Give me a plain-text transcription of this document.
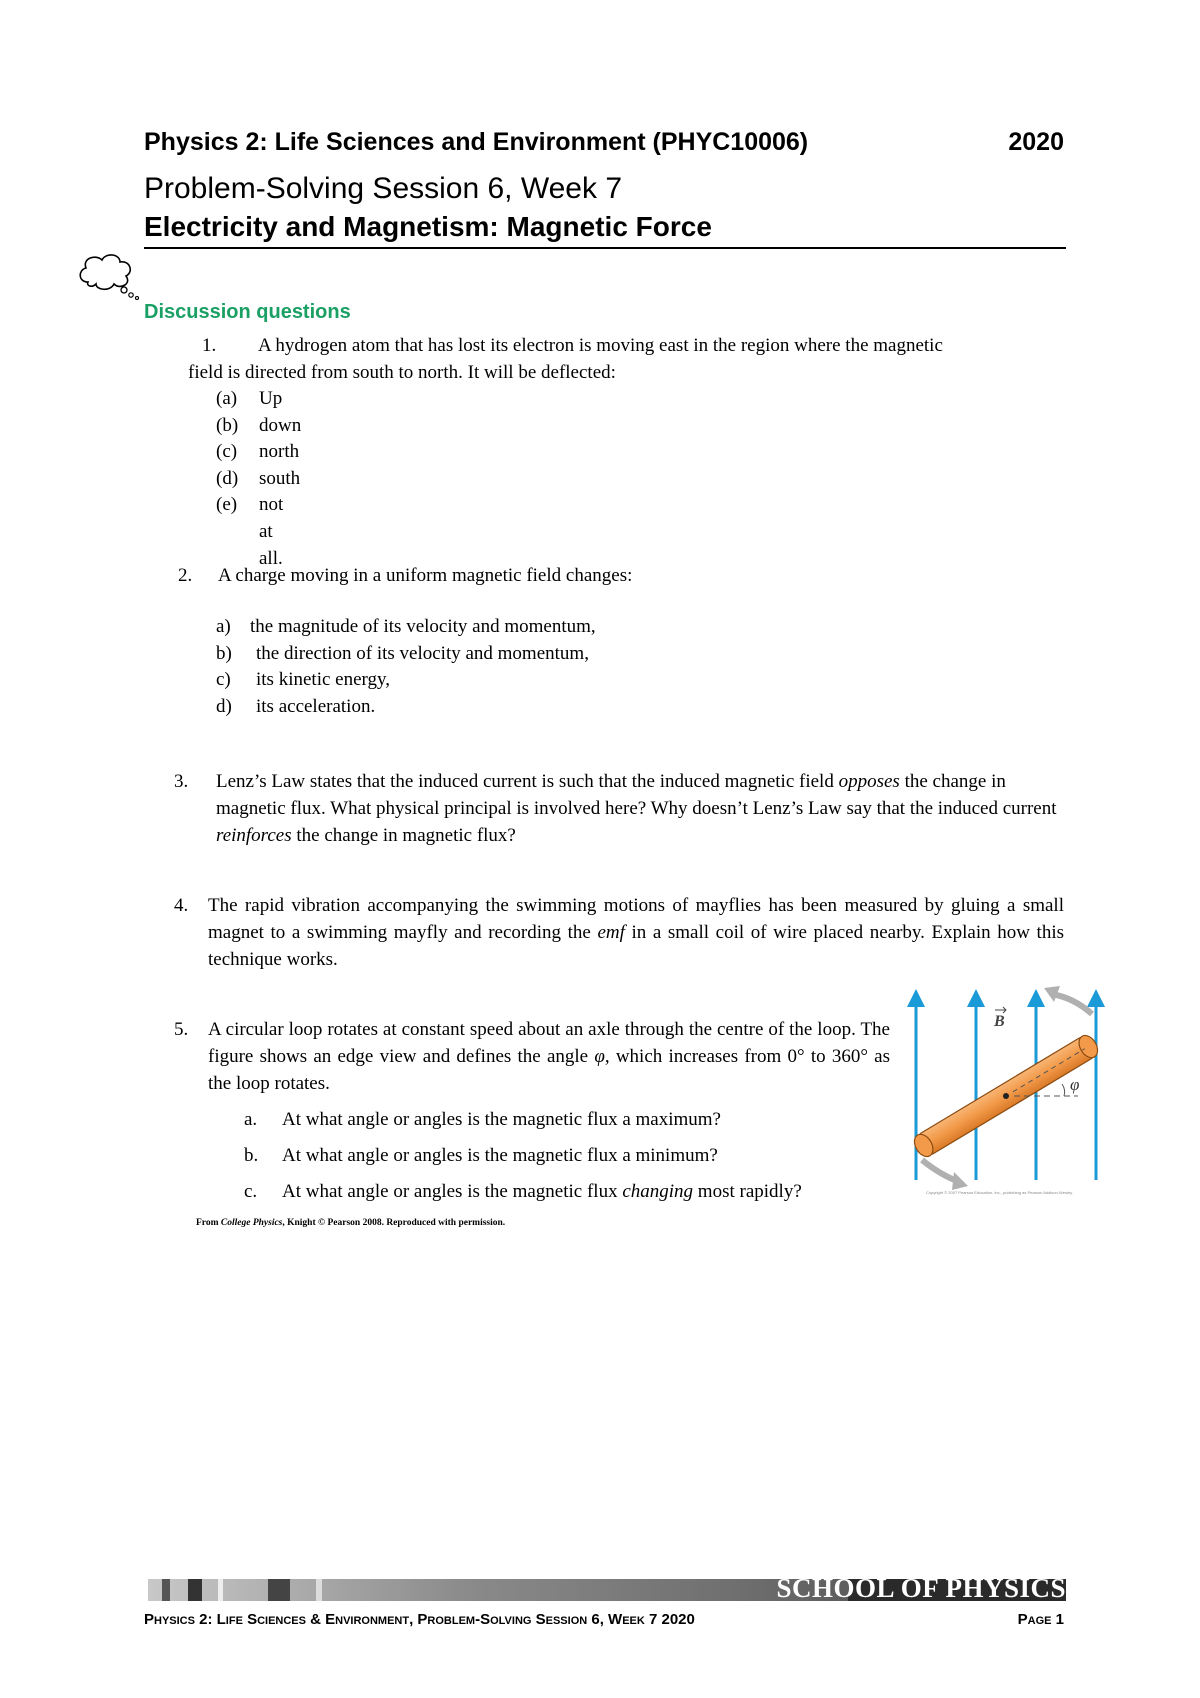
Physics 2: Life Sciences and Environment (PHYC10006)	2020
Problem-Solving Session 6, Week 7
Electricity and Magnetism: Magnetic Force
Discussion questions
1.	A hydrogen atom that has lost its electron is moving east in the region where the magnetic
field is directed from south to north. It will be deflected:
(a) Up
(b) down
(c) north
(d) south
(e) not at all.
2. A charge moving in a uniform magnetic field changes:
a) the magnitude of its velocity and momentum,
b) the direction of its velocity and momentum,
c) its kinetic energy,
d) its acceleration.
3. Lenz’s Law states that the induced current is such that the induced magnetic field opposes the change in magnetic flux. What physical principal is involved here? Why doesn’t Lenz’s Law say that the induced current reinforces the change in magnetic flux?
4. The rapid vibration accompanying the swimming motions of mayflies has been measured by gluing a small magnet to a swimming mayfly and recording the emf in a small coil of wire placed nearby. Explain how this technique works.
5. A circular loop rotates at constant speed about an axle through the centre of the loop. The figure shows an edge view and defines the angle φ, which increases from 0° to 360° as the loop rotates.
a. At what angle or angles is the magnetic flux a maximum?
b. At what angle or angles is the magnetic flux a minimum?
c. At what angle or angles is the magnetic flux changing most rapidly?
φ
B
Copyright © 2007 Pearson Education, Inc., publishing as Pearson Addison-Wesley.
From College Physics, Knight © Pearson 2008. Reproduced with permission.
SCHOOL OF PHYSICS
Physics 2: Life Sciences & Environment, Problem-Solving Session 6, Week 7 2020	Page 1
